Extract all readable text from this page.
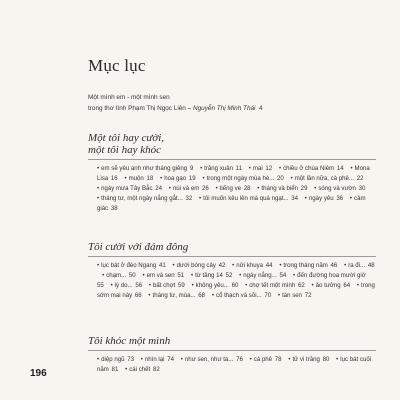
Mục lục
Một mình em - một mình sen
trong thơ tình Phạm Thị Ngọc Liên – Nguyễn Thị Minh Thái 4
Một tôi hay cười,
một tôi hay khóc
• em sẽ yêu anh như tháng giêng 9 • trăng xuân 11 • mai 12 • chiều ở chùa Niêm 14 • Mona Lisa 16 • muộn 18 • hoa gạo 19 • trong một ngày mùa hè... 20 • một lần nữa, cà phê... 22    • ngày mưa Tây Bắc 24 • núi và em 26 • tiếng ve 28 • tháng và biển 29 • sóng và vườn 30    • tháng tư, một ngày nắng gắt... 32 • tôi muốn kêu lên mà quá ngạt... 34 • ngày yêu 36 • cảm giác 38
Tôi cười với đám đông
• lục bát ở đèo Ngang 41 • dưới bóng cây 42 • nửi khuya 44 • trong tháng năm 46 • ra đi... 48    • chạm... 50 • em và sen 51 • từ tầng 14 52 • ngày nắng... 54 • đến đường hoa mười giờ 55 • lý do... 56 • bất chợt 59 • không yêu... 60 • chợ tết một mình 62 • ảo tưởng 64 • trong sớm mai này 66 • tháng tư, mùa... 68 • cổ thạch và sỏi... 70 • tàn sen 72
Tôi khóc một mình
• diệp ngũ 73 • nhìn lại 74 • như sen, như ta... 76 • cà phê 78 • tử vi trăng 80 • lục bát cuối năm 81 • cái chết 82
196
